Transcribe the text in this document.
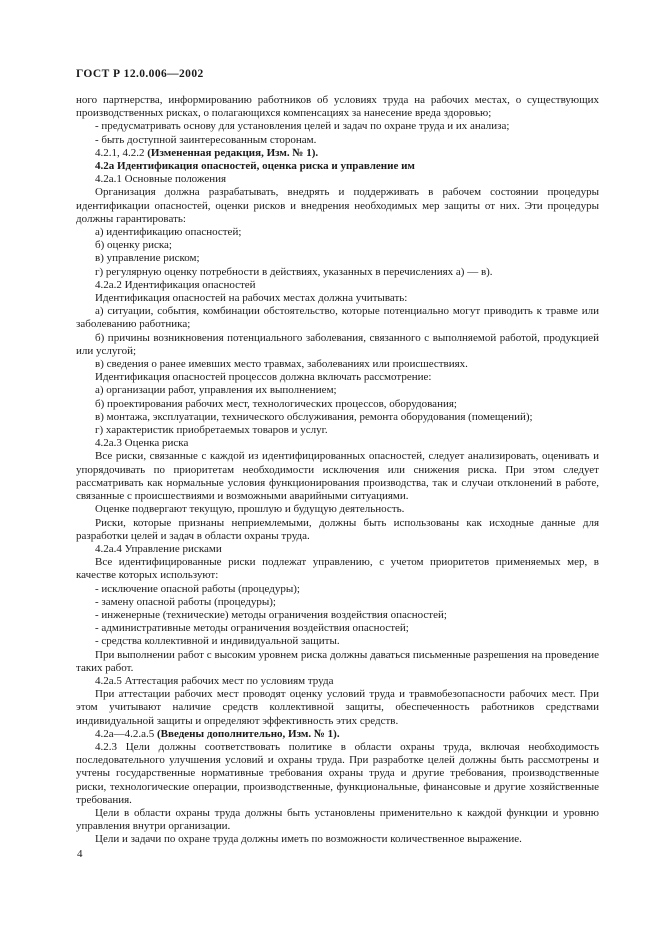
ГОСТ Р 12.0.006—2002

ного партнерства, информированию работников об условиях труда на рабочих местах, о существующих производственных рисках, о полагающихся компенсациях за нанесение вреда здоровью;

- предусматривать основу для установления целей и задач по охране труда и их анализа;

- быть доступной заинтересованным сторонам.

4.2.1, 4.2.2 (Измененная редакция, Изм. № 1).

4.2а Идентификация опасностей, оценка риска и управление им

4.2а.1 Основные положения

Организация должна разрабатывать, внедрять и поддерживать в рабочем состоянии процедуры идентификации опасностей, оценки рисков и внедрения необходимых мер защиты от них. Эти процедуры должны гарантировать:

а) идентификацию опасностей;

б) оценку риска;

в) управление риском;

г) регулярную оценку потребности в действиях, указанных в перечислениях а) — в).

4.2а.2 Идентификация опасностей

Идентификация опасностей на рабочих местах должна учитывать:

а) ситуации, события, комбинации обстоятельство, которые потенциально могут приводить к травме или заболеванию работника;

б) причины возникновения потенциального заболевания, связанного с выполняемой работой, продукцией или услугой;

в) сведения о ранее имевших место травмах, заболеваниях или происшествиях.

Идентификация опасностей процессов должна включать рассмотрение:

а) организации работ, управления их выполнением;

б) проектирования рабочих мест, технологических процессов, оборудования;

в) монтажа, эксплуатации, технического обслуживания, ремонта оборудования (помещений);

г) характеристик приобретаемых товаров и услуг.

4.2а.3 Оценка риска

Все риски, связанные с каждой из идентифицированных опасностей, следует анализировать, оценивать и упорядочивать по приоритетам необходимости исключения или снижения риска. При этом следует рассматривать как нормальные условия функционирования производства, так и случаи отклонений в работе, связанные с происшествиями и возможными аварийными ситуациями.

Оценке подвергают текущую, прошлую и будущую деятельность.

Риски, которые признаны неприемлемыми, должны быть использованы как исходные данные для разработки целей и задач в области охраны труда.

4.2а.4 Управление рисками

Все идентифицированные риски подлежат управлению, с учетом приоритетов применяемых мер, в качестве которых используют:

- исключение опасной работы (процедуры);

- замену опасной работы (процедуры);

- инженерные (технические) методы ограничения воздействия опасностей;

- административные методы ограничения воздействия опасностей;

- средства коллективной и индивидуальной защиты.

При выполнении работ с высоким уровнем риска должны даваться письменные разрешения на проведение таких работ.

4.2а.5 Аттестация рабочих мест по условиям труда

При аттестации рабочих мест проводят оценку условий труда и травмобезопасности рабочих мест. При этом учитывают наличие средств коллективной защиты, обеспеченность работников средствами индивидуальной защиты и определяют эффективность этих средств.

4.2а—4.2.а.5 (Введены дополнительно, Изм. № 1).

4.2.3 Цели должны соответствовать политике в области охраны труда, включая необходимость последовательного улучшения условий и охраны труда. При разработке целей должны быть рассмотрены и учтены государственные нормативные требования охраны труда и другие требования, производственные риски, технологические операции, производственные, функциональные, финансовые и другие хозяйственные требования.

Цели в области охраны труда должны быть установлены применительно к каждой функции и уровню управления внутри организации.

Цели и задачи по охране труда должны иметь по возможности количественное выражение.

4
